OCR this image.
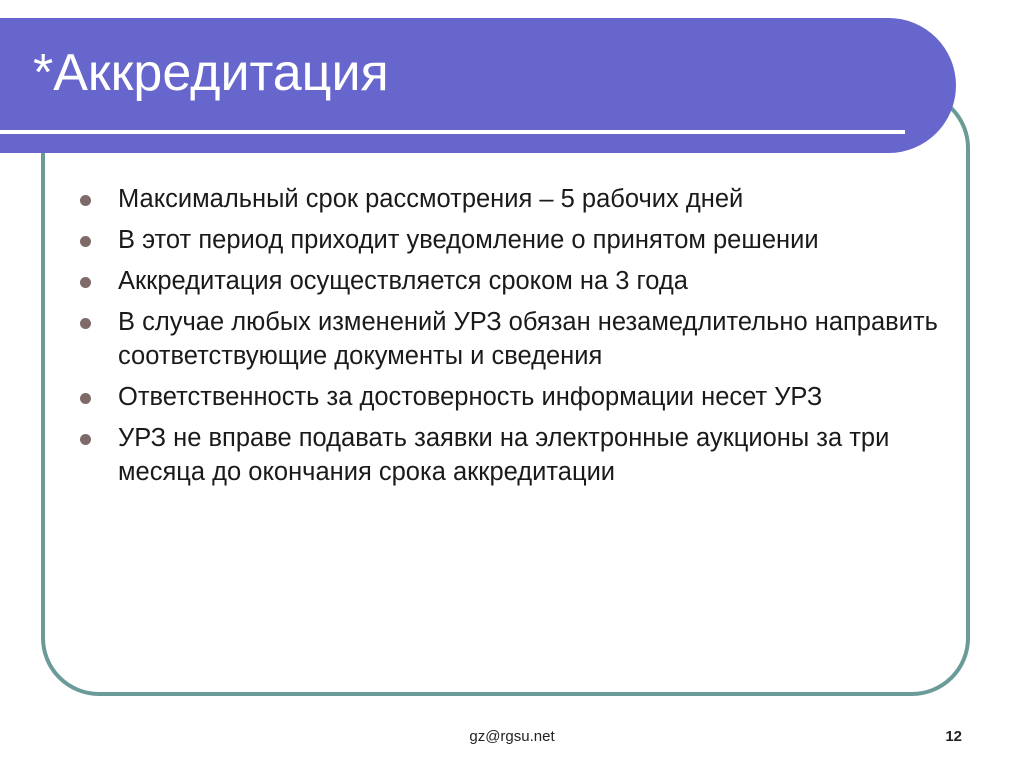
*Аккредитация
Максимальный срок рассмотрения – 5 рабочих дней
В этот период приходит уведомление о принятом решении
Аккредитация осуществляется сроком на 3 года
В случае любых изменений УРЗ обязан незамедлительно направить соответствующие документы и сведения
Ответственность за достоверность информации несет УРЗ
УРЗ не вправе подавать заявки на электронные аукционы за три месяца до окончания срока аккредитации
gz@rgsu.net	12
